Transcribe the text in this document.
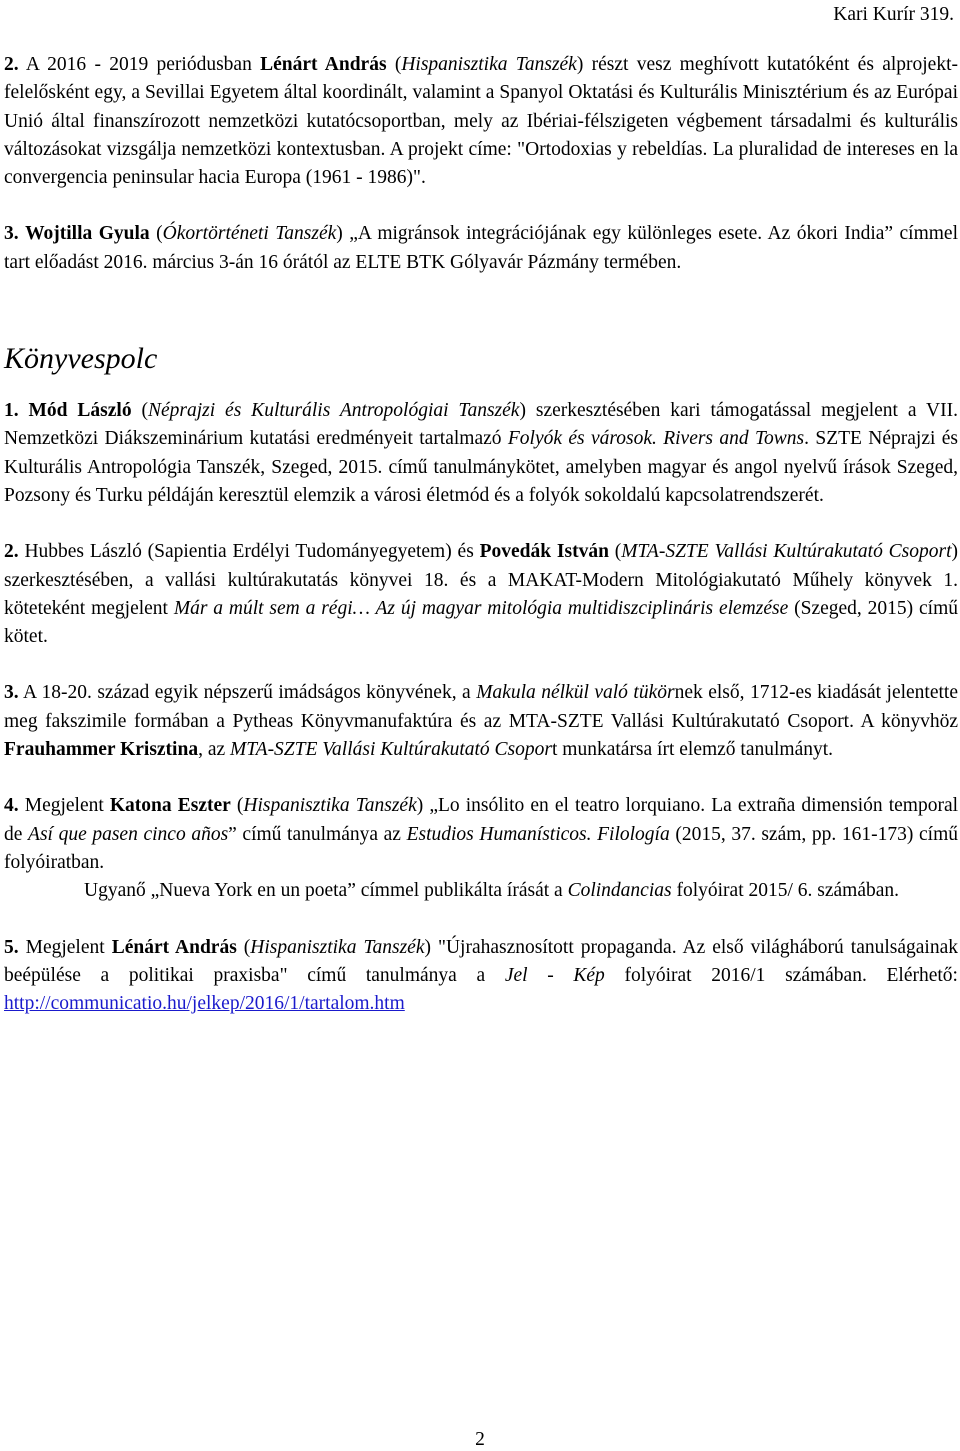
Kari Kurír 319.

2. A 2016 - 2019 periódusban Lénárt András (Hispanisztika Tanszék) részt vesz meghívott kutatóként és alprojekt-felelősként egy, a Sevillai Egyetem által koordinált, valamint a Spanyol Oktatási és Kulturális Minisztérium és az Európai Unió által finanszírozott nemzetközi kutatócsoportban, mely az Ibériai-félszigeten végbement társadalmi és kulturális változásokat vizsgálja nemzetközi kontextusban. A projekt címe: "Ortodoxias y rebeldías. La pluralidad de intereses en la convergencia peninsular hacia Europa (1961 - 1986)".

3. Wojtilla Gyula (Ókortörténeti Tanszék) „A migránsok integrációjának egy különleges esete. Az ókori India” címmel tart előadást 2016. március 3-án 16 órától az ELTE BTK Gólyavár Pázmány termében.

Könyvespolc

1. Mód László (Néprajzi és Kulturális Antropológiai Tanszék) szerkesztésében kari támogatással megjelent a VII. Nemzetközi Diákszeminárium kutatási eredményeit tartalmazó Folyók és városok. Rivers and Towns. SZTE Néprajzi és Kulturális Antropológia Tanszék, Szeged, 2015. című tanulmánykötet, amelyben magyar és angol nyelvű írások Szeged, Pozsony és Turku példáján keresztül elemzik a városi életmód és a folyók sokoldalú kapcsolatrendszerét.

2. Hubbes László (Sapientia Erdélyi Tudományegyetem) és Povedák István (MTA-SZTE Vallási Kultúrakutató Csoport) szerkesztésében, a vallási kultúrakutatás könyvei 18. és a MAKAT-Modern Mitológiakutató Műhely könyvek 1. köteteként megjelent Már a múlt sem a régi… Az új magyar mitológia multidiszciplináris elemzése (Szeged, 2015) című kötet.

3. A 18-20. század egyik népszerű imádságos könyvének, a Makula nélkül való tükörnek első, 1712-es kiadását jelentette meg fakszimile formában a Pytheas Könyvmanufaktúra és az MTA-SZTE Vallási Kultúrakutató Csoport. A könyvhöz Frauhammer Krisztina, az MTA-SZTE Vallási Kultúrakutató Csoport munkatársa írt elemző tanulmányt.

4. Megjelent Katona Eszter (Hispanisztika Tanszék) „Lo insólito en el teatro lorquiano. La extraña dimensión temporal de Así que pasen cinco años” című tanulmánya az Estudios Humanísticos. Filología (2015, 37. szám, pp. 161-173) című folyóiratban.

Ugyanő „Nueva York en un poeta” címmel publikálta írását a Colindancias folyóirat 2015/ 6. számában.

5. Megjelent Lénárt András (Hispanisztika Tanszék) "Újrahasznosított propaganda. Az első világháború tanulságainak beépülése a politikai praxisba" című tanulmánya a Jel - Kép folyóirat 2016/1 számában. Elérhető: http://communicatio.hu/jelkep/2016/1/tartalom.htm

2
